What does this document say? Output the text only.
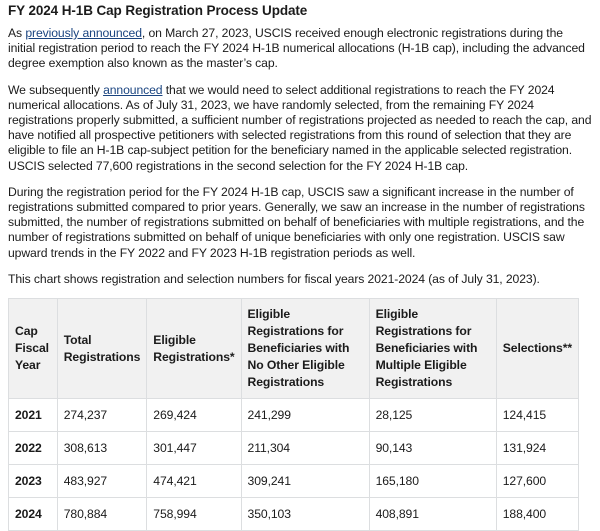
FY 2024 H-1B Cap Registration Process Update

As previously announced, on March 27, 2023, USCIS received enough electronic registrations during the initial registration period to reach the FY 2024 H-1B numerical allocations (H-1B cap), including the advanced degree exemption also known as the master’s cap.

We subsequently announced that we would need to select additional registrations to reach the FY 2024 numerical allocations. As of July 31, 2023, we have randomly selected, from the remaining FY 2024 registrations properly submitted, a sufficient number of registrations projected as needed to reach the cap, and have notified all prospective petitioners with selected registrations from this round of selection that they are eligible to file an H-1B cap-subject petition for the beneficiary named in the applicable selected registration. USCIS selected 77,600 registrations in the second selection for the FY 2024 H-1B cap.

During the registration period for the FY 2024 H-1B cap, USCIS saw a significant increase in the number of registrations submitted compared to prior years. Generally, we saw an increase in the number of registrations submitted, the number of registrations submitted on behalf of beneficiaries with multiple registrations, and the number of registrations submitted on behalf of unique beneficiaries with only one registration. USCIS saw upward trends in the FY 2022 and FY 2023 H-1B registration periods as well.

This chart shows registration and selection numbers for fiscal years 2021-2024 (as of July 31, 2023).

Cap Fiscal Year	Total Registrations	Eligible Registrations*	Eligible Registrations for Beneficiaries with No Other Eligible Registrations	Eligible Registrations for Beneficiaries with Multiple Eligible Registrations	Selections**
2021	274,237	269,424	241,299	28,125	124,415
2022	308,613	301,447	211,304	90,143	131,924
2023	483,927	474,421	309,241	165,180	127,600
2024	780,884	758,994	350,103	408,891	188,400
